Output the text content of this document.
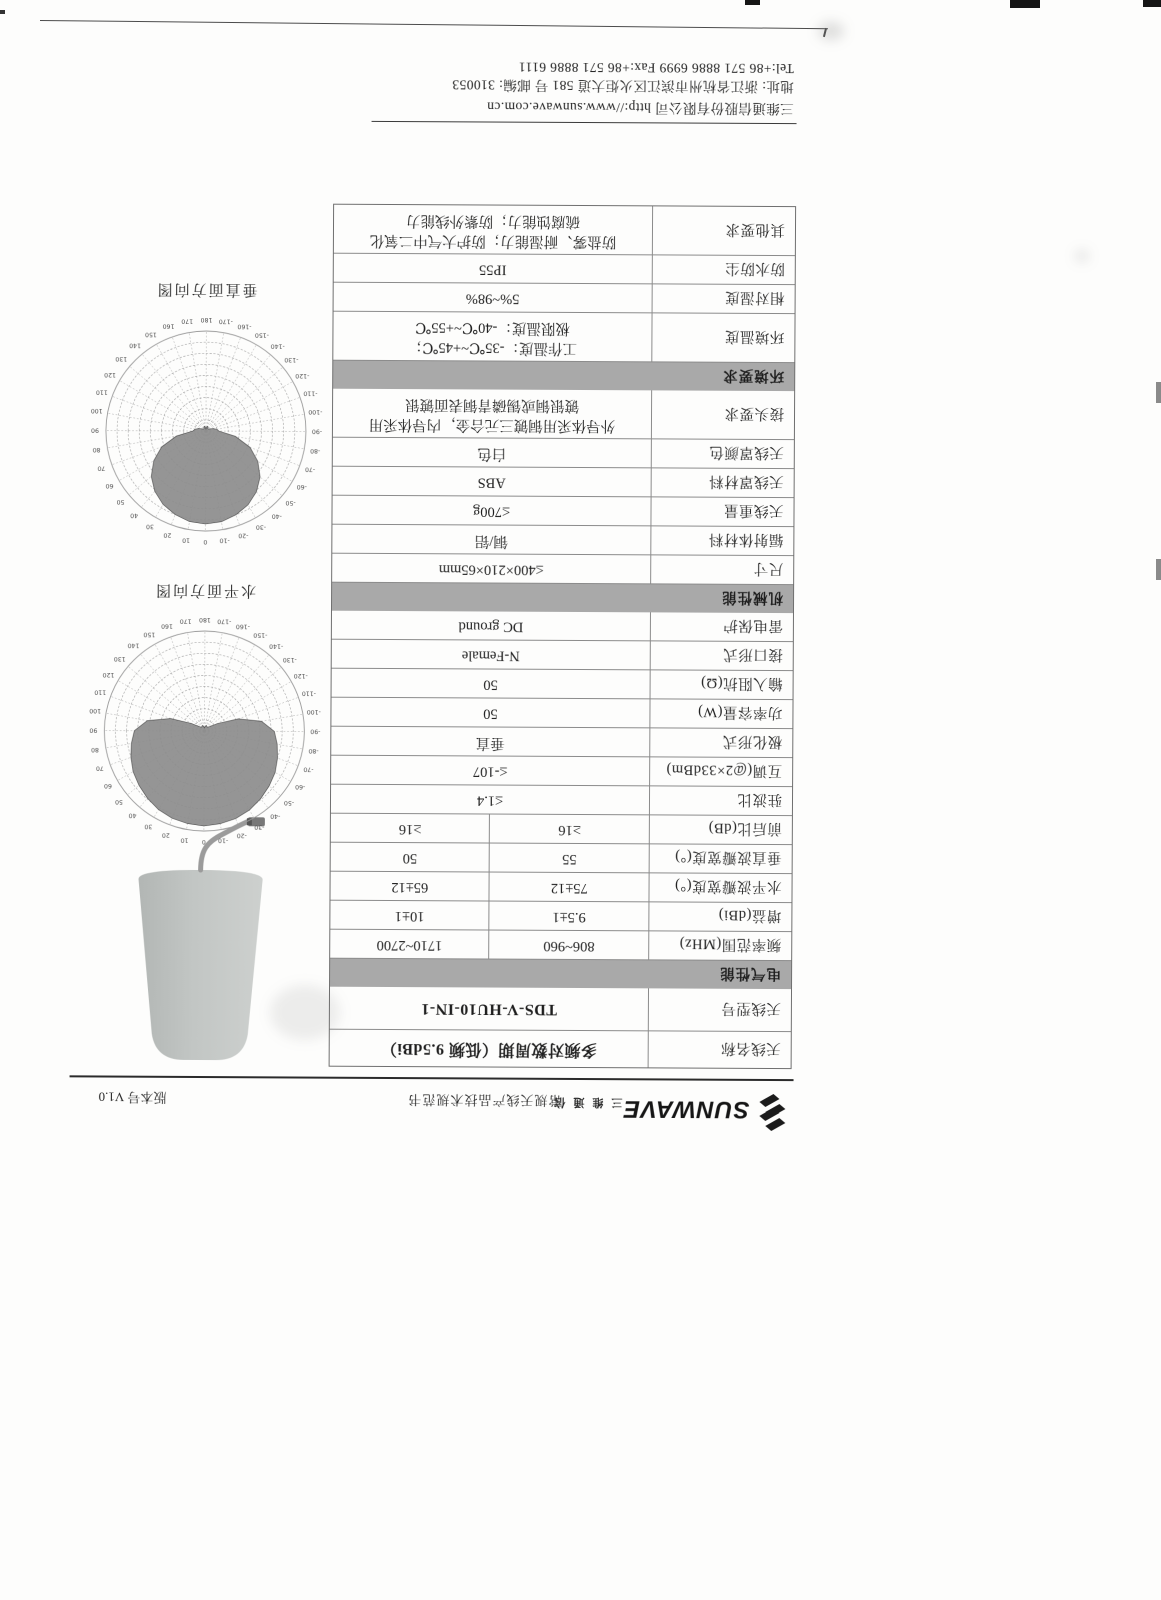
SUNWAVE
三维通信
常规天线产品技术规范书
版本号 V1.0
天线名称
多频对数周期（低频 9.5dBi）
天线型号
TDS-V-HU10-IN-1
电气性能
频率范围(MHz)
806~960
1710~2700
增益(dBi)
9.5±1
10±1
水平波瓣宽度(°)
75±12
65±12
垂直波瓣宽度(°)
55
50
前后比(dB)
≥16
≥16
驻波比
≤1.4
互调(@2×33dBm)
≤-107
极化形式
垂直
功率容量(W)
50
输入阻抗(Ω)
50
接口形式
N-Female
雷电保护
DC ground
机械性能
尺寸
≤400×210×65mm
辐射体材料
铜/铝
天线重量
≤700g
天线罩材料
ABS
天线罩颜色
白色
接头要求
外导体采用铜镀三元合金，内导体采用
镀银铜或锡磷青铜表面镀银
环境要求
环境温度
工作温度：-35℃~+45℃；
极限温度：-40℃~+55℃
相对湿度
5%~98%
防水防尘
IP55
其他要求
防盐雾、耐湿能力；防护大气中二氧化
硫腐蚀能力；防紫外线能力
-170
-160
-150
-140
-130
-120
-110
-100
-90
-80
-70
-60
-50
-40
-30
-20
-10
0
10
20
30
40
50
60
70
80
90
100
110
120
130
140
150
160
170 180
水平面方向图
-170
-160
-150
-140
-130
-120
-110
-100
-90
-80
-70
-60
-50
-40
-30
-20
-10
0
10
20
30
40
50
60
70
80
90
100
110
120
130
140
150
160
170 180
垂直面方向图
三维通信股份有限公司 http://www.sunwave.com.cn
地址: 浙江省杭州市滨江区火炬大道 581 号 邮编: 310053
Tel:+86 571 8886 6999 Fax:+86 571 8886 6111
